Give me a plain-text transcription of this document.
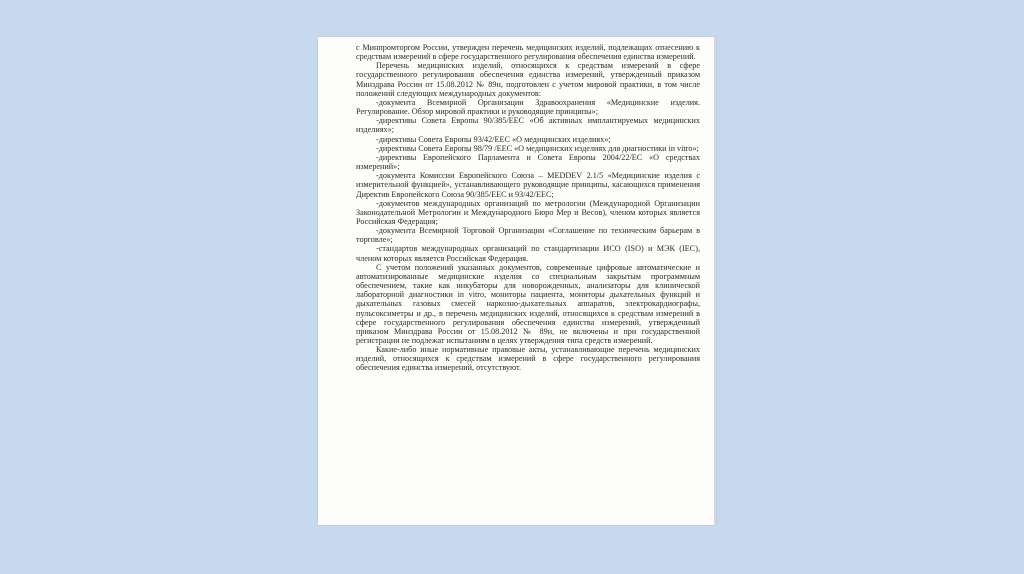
с Минпромторгом России, утвержден перечень медицинских изделий, подлежащих отнесению к средствам измерений в сфере государственного регулирования обеспечения единства измерений.

Перечень медицинских изделий, относящихся к средствам измерений в сфере государственного регулирования обеспечения единства измерений, утвержденный приказом Минздрава России от 15.08.2012 № 89н, подготовлен с учетом мировой практики, в том числе положений следующих международных документов:

-документа Всемирной Организации Здравоохранения «Медицинские изделия. Регулирование. Обзор мировой практики и руководящие принципы»;

-директивы Совета Европы 90/385/ЕЕС «Об активных имплантируемых медицинских изделиях»;

-директивы Совета Европы 93/42/ЕЕС «О медицинских изделиях»;

-директивы Совета Европы 98/79 /ЕЕС «О медицинских изделиях для диагностики in vitro»;

-директивы Европейского Парламента и Совета Европы 2004/22/ЕС «О средствах измерений»;

-документа Комиссии Европейского Союза – MEDDEV 2.1/5 «Медицинские изделия с измерительной функцией», устанавливающего руководящие принципы, касающихся применения Директив Европейского Союза 90/385/ЕЕС и 93/42/ЕЕС;

-документов международных организаций по метрологии (Международной Организации Законодательной Метрологии и Международного Бюро Мер и Весов), членом которых является Российская Федерация;

-документа Всемирной Торговой Организации «Соглашение по техническим барьерам в торговле»;

-стандартов международных организаций по стандартизации ИСО (ISO) и МЭК (IEC), членом которых является Российская Федерация.

С учетом положений указанных документов, современные цифровые автоматические и автоматизированные медицинские изделия со специальным закрытым программным обеспечением, такие как инкубаторы для новорожденных, анализаторы для клинической лабораторной диагностики in vitro, мониторы пациента, мониторы дыхательных функций и дыхательных газовых смесей наркозно-дыхательных аппаратов, электрокардиографы, пульсоксиметры и др., в перечень медицинских изделий, относящихся к средствам измерений в сфере государственного регулирования обеспечения единства измерений, утвержденный приказом Минздрава России от 15.08.2012 № 89н, не включены и при государственной регистрации не подлежат испытаниям в целях утверждения типа средств измерений.

Какие-либо иные нормативные правовые акты, устанавливающие перечень медицинских изделий, относящихся к средствам измерений в сфере государственного регулирования обеспечения единства измерений, отсутствуют.
